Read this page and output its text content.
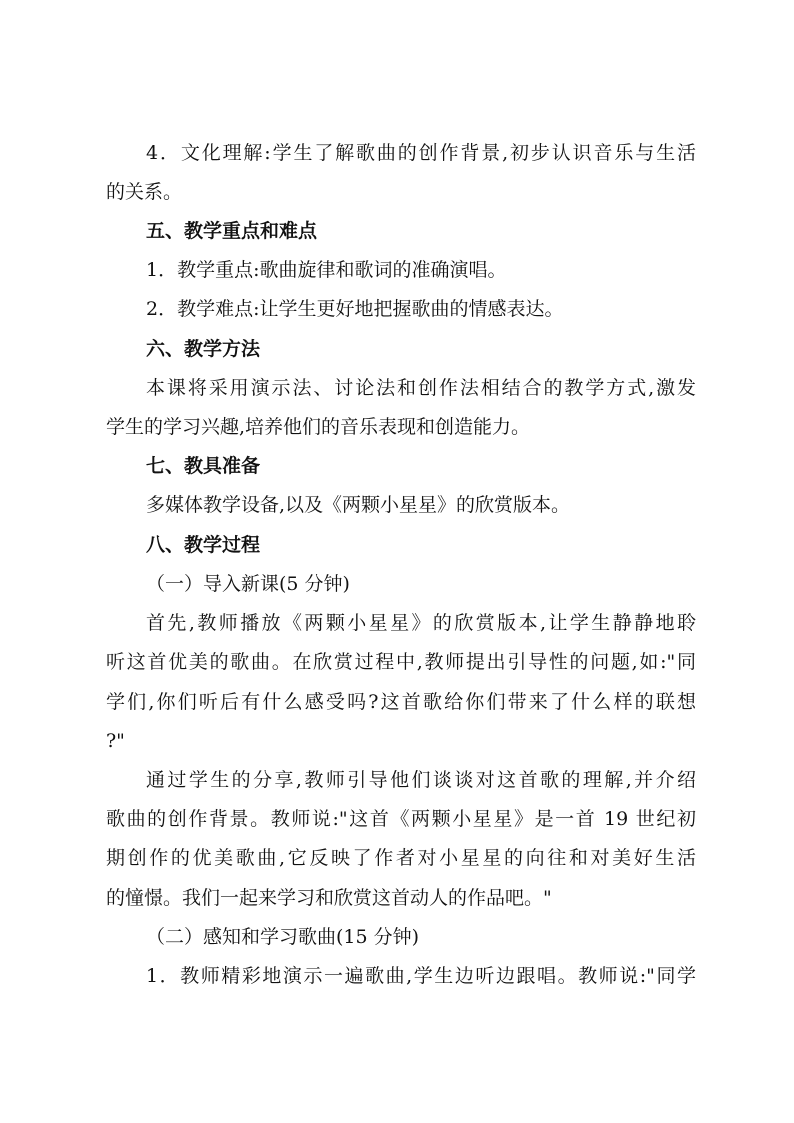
4．文化理解:学生了解歌曲的创作背景,初步认识音乐与生活
的关系。
五、教学重点和难点
1．教学重点:歌曲旋律和歌词的准确演唱。
2．教学难点:让学生更好地把握歌曲的情感表达。
六、教学方法
本课将采用演示法、讨论法和创作法相结合的教学方式,激发
学生的学习兴趣,培养他们的音乐表现和创造能力。
七、教具准备
多媒体教学设备,以及《两颗小星星》的欣赏版本。
八、教学过程
（一）导入新课(5 分钟)
首先,教师播放《两颗小星星》的欣赏版本,让学生静静地聆
听这首优美的歌曲。在欣赏过程中,教师提出引导性的问题,如:"同
学们,你们听后有什么感受吗?这首歌给你们带来了什么样的联想
?"
通过学生的分享,教师引导他们谈谈对这首歌的理解,并介绍
歌曲的创作背景。教师说:"这首《两颗小星星》是一首 19 世纪初
期创作的优美歌曲,它反映了作者对小星星的向往和对美好生活
的憧憬。我们一起来学习和欣赏这首动人的作品吧。"
（二）感知和学习歌曲(15 分钟)
1．教师精彩地演示一遍歌曲,学生边听边跟唱。教师说:"同学
